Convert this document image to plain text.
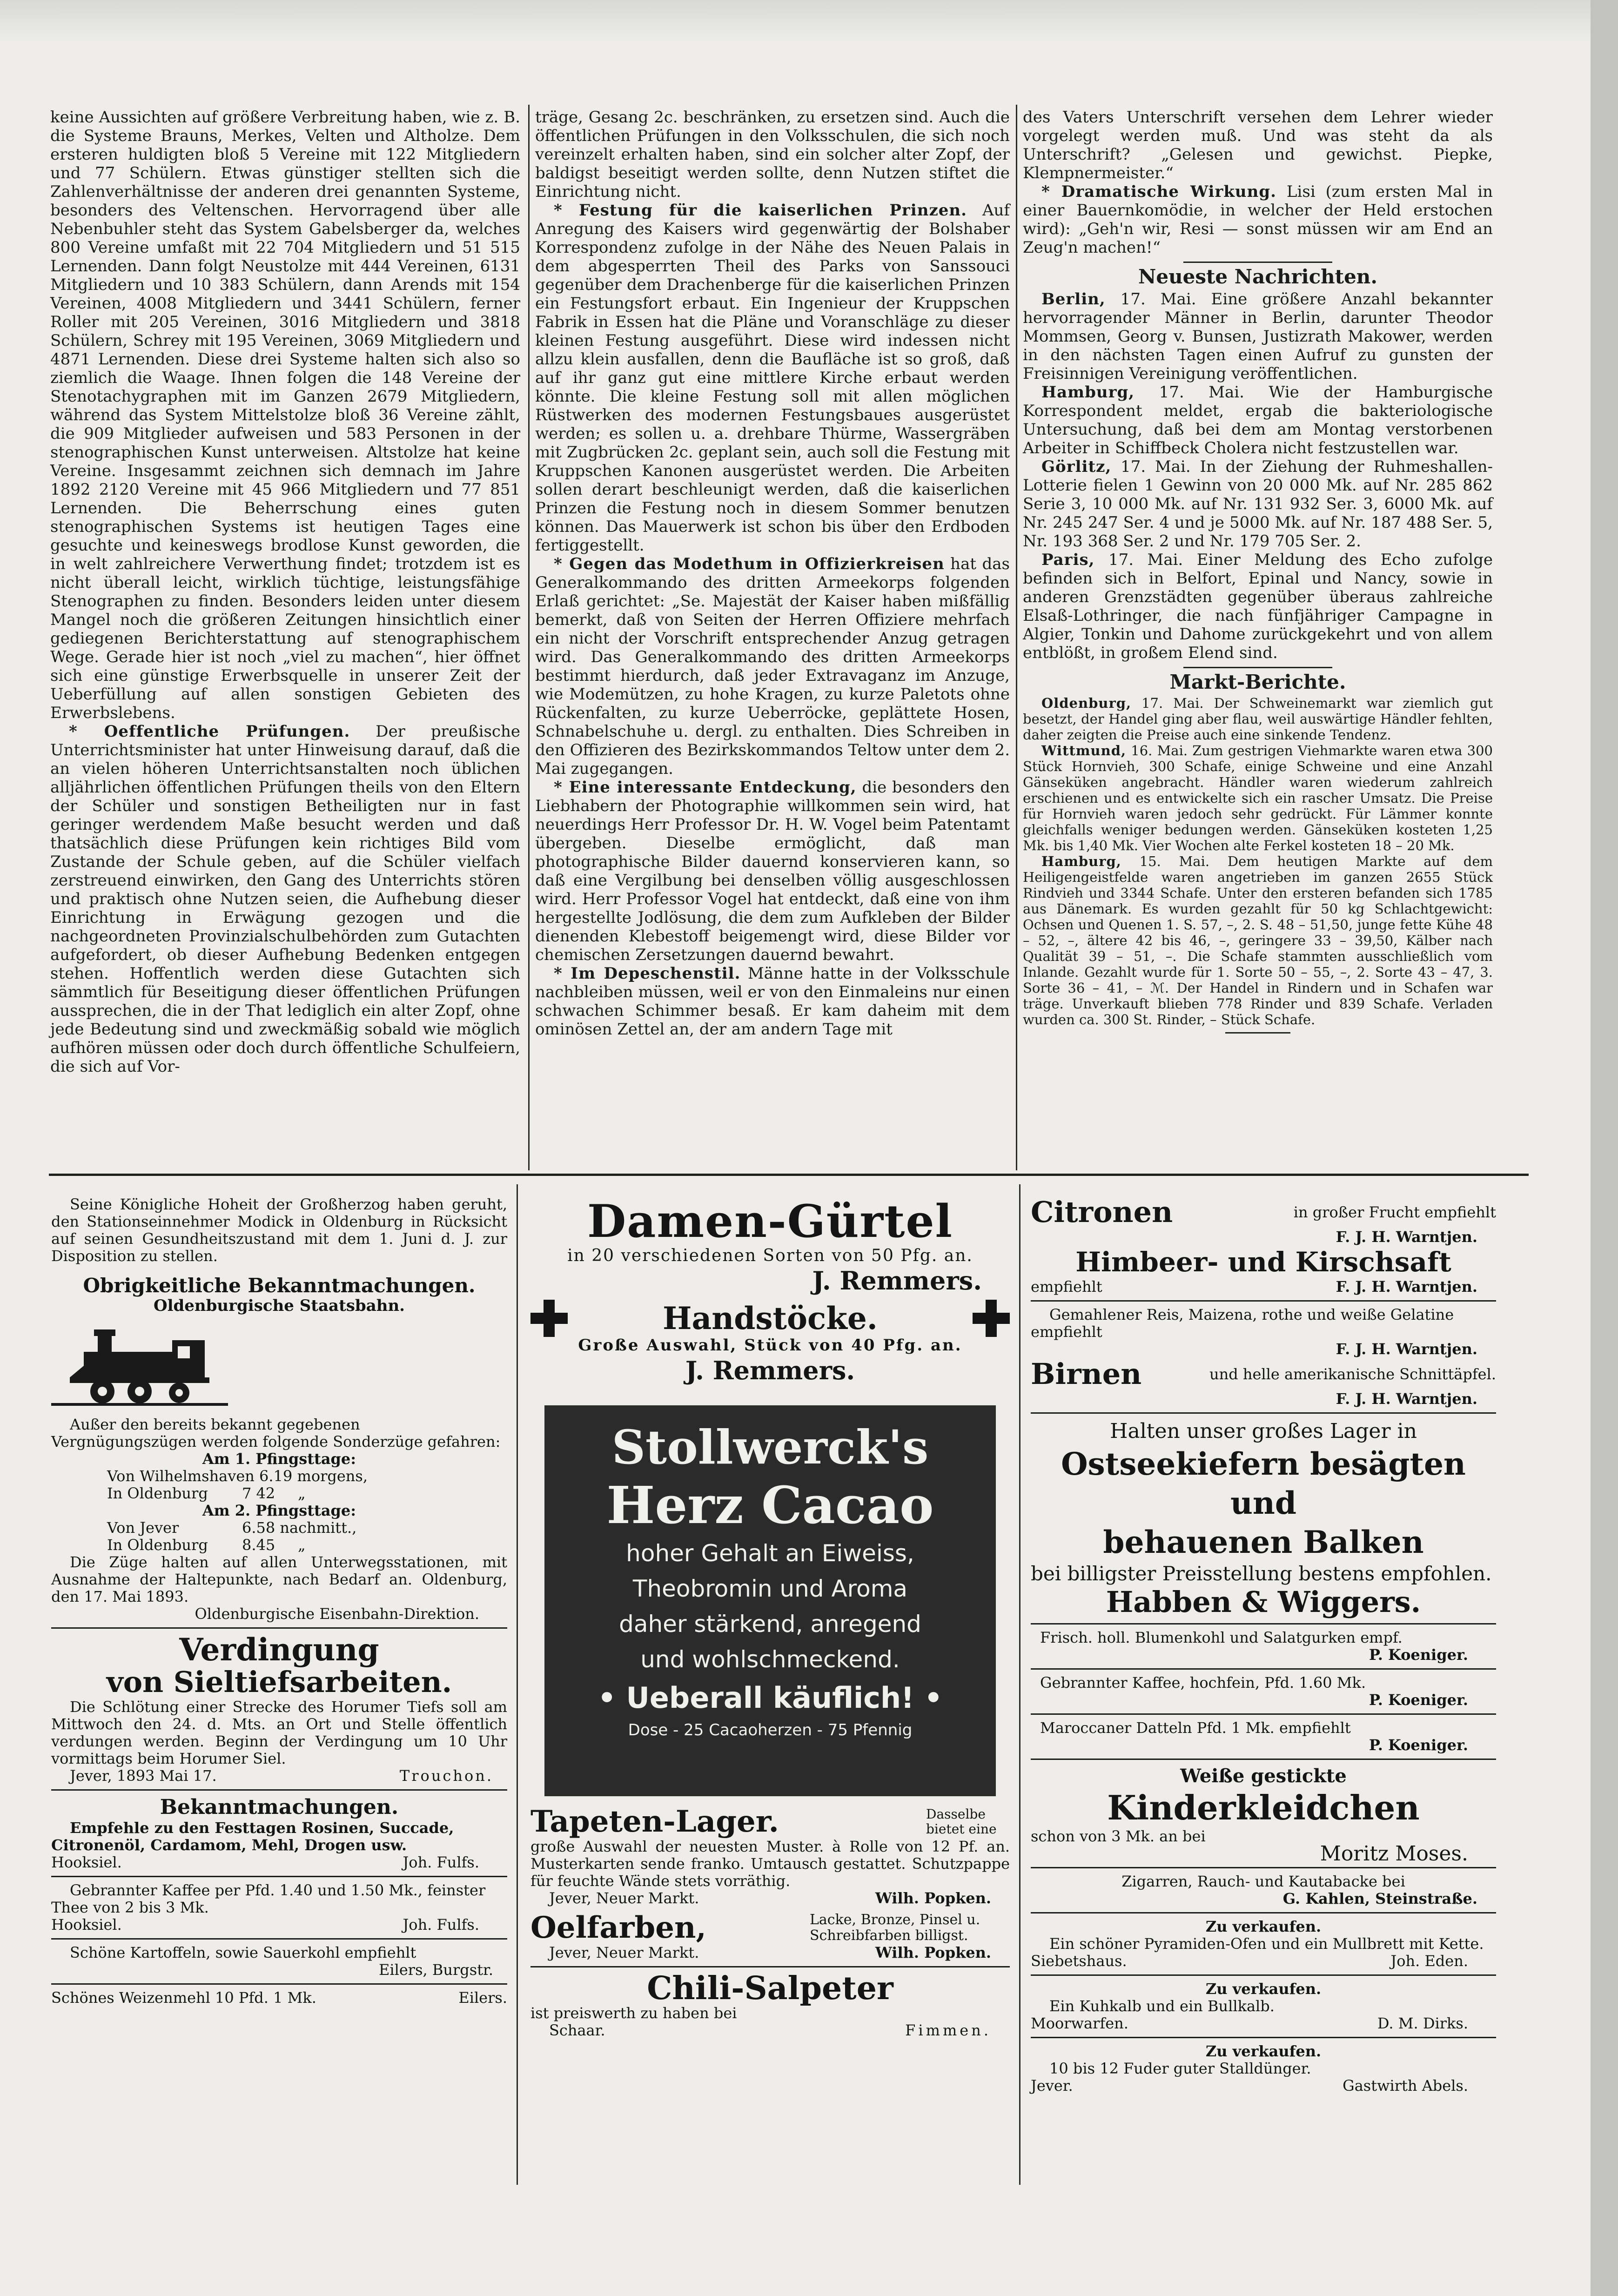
keine Aussichten auf größere Verbreitung haben, wie z. B. die Systeme Brauns, Merkes, Velten und Altholze. Dem ersteren huldigten bloß 5 Vereine mit 122 Mitgliedern und 77 Schülern. Etwas günstiger stellten sich die Zahlenverhältnisse der anderen drei genannten Systeme, besonders des Veltenschen. Hervorragend über alle Nebenbuhler steht das System Gabelsberger da, welches 800 Vereine umfaßt mit 22 704 Mitgliedern und 51 515 Lernenden. Dann folgt Neustolze mit 444 Vereinen, 6131 Mitgliedern und 10 383 Schülern, dann Arends mit 154 Vereinen, 4008 Mitgliedern und 3441 Schülern, ferner Roller mit 205 Vereinen, 3016 Mitgliedern und 3818 Schülern, Schrey mit 195 Vereinen, 3069 Mitgliedern und 4871 Lernenden. Diese drei Systeme halten sich also so ziemlich die Waage. Ihnen folgen die 148 Vereine der Stenotachygraphen mit im Ganzen 2679 Mitgliedern, während das System Mittelstolze bloß 36 Vereine zählt, die 909 Mitglieder aufweisen und 583 Personen in der stenographischen Kunst unterweisen. Altstolze hat keine Vereine. Insgesammt zeichnen sich demnach im Jahre 1892 2120 Vereine mit 45 966 Mitgliedern und 77 851 Lernenden. Die Beherrschung eines guten stenographischen Systems ist heutigen Tages eine gesuchte und keineswegs brodlose Kunst geworden, die in welt zahlreichere Verwerthung findet; trotzdem ist es nicht überall leicht, wirklich tüchtige, leistungsfähige Stenographen zu finden. Besonders leiden unter diesem Mangel noch die größeren Zeitungen hinsichtlich einer gediegenen Berichterstattung auf stenographischem Wege. Gerade hier ist noch „viel zu machen“, hier öffnet sich eine günstige Erwerbsquelle in unserer Zeit der Ueberfüllung auf allen sonstigen Gebieten des Erwerbslebens.

* Oeffentliche Prüfungen. Der preußische Unterrichtsminister hat unter Hinweisung darauf, daß die an vielen höheren Unterrichtsanstalten noch üblichen alljährlichen öffentlichen Prüfungen theils von den Eltern der Schüler und sonstigen Betheiligten nur in fast geringer werdendem Maße besucht werden und daß thatsächlich diese Prüfungen kein richtiges Bild vom Zustande der Schule geben, auf die Schüler vielfach zerstreuend einwirken, den Gang des Unterrichts stören und praktisch ohne Nutzen seien, die Aufhebung dieser Einrichtung in Erwägung gezogen und die nachgeordneten Provinzialschulbehörden zum Gutachten aufgefordert, ob dieser Aufhebung Bedenken entgegen stehen. Hoffentlich werden diese Gutachten sich sämmtlich für Beseitigung dieser öffentlichen Prüfungen aussprechen, die in der That lediglich ein alter Zopf, ohne jede Bedeutung sind und zweckmäßig sobald wie möglich aufhören müssen oder doch durch öffentliche Schulfeiern, die sich auf Vor-

träge, Gesang 2c. beschränken, zu ersetzen sind. Auch die öffentlichen Prüfungen in den Volksschulen, die sich noch vereinzelt erhalten haben, sind ein solcher alter Zopf, der baldigst beseitigt werden sollte, denn Nutzen stiftet die Einrichtung nicht.

* Festung für die kaiserlichen Prinzen. Auf Anregung des Kaisers wird gegenwärtig der Bolshaber Korrespondenz zufolge in der Nähe des Neuen Palais in dem abgesperrten Theil des Parks von Sanssouci gegenüber dem Drachenberge für die kaiserlichen Prinzen ein Festungsfort erbaut. Ein Ingenieur der Kruppschen Fabrik in Essen hat die Pläne und Voranschläge zu dieser kleinen Festung ausgeführt. Diese wird indessen nicht allzu klein ausfallen, denn die Baufläche ist so groß, daß auf ihr ganz gut eine mittlere Kirche erbaut werden könnte. Die kleine Festung soll mit allen möglichen Rüstwerken des modernen Festungsbaues ausgerüstet werden; es sollen u. a. drehbare Thürme, Wassergräben mit Zugbrücken 2c. geplant sein, auch soll die Festung mit Kruppschen Kanonen ausgerüstet werden. Die Arbeiten sollen derart beschleunigt werden, daß die kaiserlichen Prinzen die Festung noch in diesem Sommer benutzen können. Das Mauerwerk ist schon bis über den Erdboden fertiggestellt.

* Gegen das Modethum in Offizierkreisen hat das Generalkommando des dritten Armeekorps folgenden Erlaß gerichtet: „Se. Majestät der Kaiser haben mißfällig bemerkt, daß von Seiten der Herren Offiziere mehrfach ein nicht der Vorschrift entsprechender Anzug getragen wird. Das Generalkommando des dritten Armeekorps bestimmt hierdurch, daß jeder Extravaganz im Anzuge, wie Modemützen, zu hohe Kragen, zu kurze Paletots ohne Rückenfalten, zu kurze Ueberröcke, geplättete Hosen, Schnabelschuhe u. dergl. zu enthalten. Dies Schreiben in den Offizieren des Bezirkskommandos Teltow unter dem 2. Mai zugegangen.

* Eine interessante Entdeckung, die besonders den Liebhabern der Photographie willkommen sein wird, hat neuerdings Herr Professor Dr. H. W. Vogel beim Patentamt übergeben. Dieselbe ermöglicht, daß man photographische Bilder dauernd konservieren kann, so daß eine Vergilbung bei denselben völlig ausgeschlossen wird. Herr Professor Vogel hat entdeckt, daß eine von ihm hergestellte Jodlösung, die dem zum Aufkleben der Bilder dienenden Klebestoff beigemengt wird, diese Bilder vor chemischen Zersetzungen dauernd bewahrt.

* Im Depeschenstil. Männe hatte in der Volksschule nachbleiben müssen, weil er von den Einmaleins nur einen schwachen Schimmer besaß. Er kam daheim mit dem ominösen Zettel an, der am andern Tage mit

des Vaters Unterschrift versehen dem Lehrer wieder vorgelegt werden muß. Und was steht da als Unterschrift? „Gelesen und gewichst. Piepke, Klempnermeister.“

* Dramatische Wirkung. Lisi (zum ersten Mal in einer Bauernkomödie, in welcher der Held erstochen wird): „Geh'n wir, Resi — sonst müssen wir am End an Zeug'n machen!“

Neueste Nachrichten.

Berlin, 17. Mai. Eine größere Anzahl bekannter hervorragender Männer in Berlin, darunter Theodor Mommsen, Georg v. Bunsen, Justizrath Makower, werden in den nächsten Tagen einen Aufruf zu gunsten der Freisinnigen Vereinigung veröffentlichen.

Hamburg, 17. Mai. Wie der Hamburgische Korrespondent meldet, ergab die bakteriologische Untersuchung, daß bei dem am Montag verstorbenen Arbeiter in Schiffbeck Cholera nicht festzustellen war.

Görlitz, 17. Mai. In der Ziehung der Ruhmeshallen-Lotterie fielen 1 Gewinn von 20 000 Mk. auf Nr. 285 862 Serie 3, 10 000 Mk. auf Nr. 131 932 Ser. 3, 6000 Mk. auf Nr. 245 247 Ser. 4 und je 5000 Mk. auf Nr. 187 488 Ser. 5, Nr. 193 368 Ser. 2 und Nr. 179 705 Ser. 2.

Paris, 17. Mai. Einer Meldung des Echo zufolge befinden sich in Belfort, Epinal und Nancy, sowie in anderen Grenzstädten gegenüber überaus zahlreiche Elsaß-Lothringer, die nach fünfjähriger Campagne in Algier, Tonkin und Dahome zurückgekehrt und von allem entblößt, in großem Elend sind.

Markt-Berichte.

Oldenburg, 17. Mai. Der Schweinemarkt war ziemlich gut besetzt, der Handel ging aber flau, weil auswärtige Händler fehlten, daher zeigten die Preise auch eine sinkende Tendenz.

Wittmund, 16. Mai. Zum gestrigen Viehmarkte waren etwa 300 Stück Hornvieh, 300 Schafe, einige Schweine und eine Anzahl Gänseküken angebracht. Händler waren wiederum zahlreich erschienen und es entwickelte sich ein rascher Umsatz. Die Preise für Hornvieh waren jedoch sehr gedrückt. Für Lämmer konnte gleichfalls weniger bedungen werden. Gänseküken kosteten 1,25 Mk. bis 1,40 Mk. Vier Wochen alte Ferkel kosteten 18 – 20 Mk.

Hamburg, 15. Mai. Dem heutigen Markte auf dem Heiligengeistfelde waren angetrieben im ganzen 2655 Stück Rindvieh und 3344 Schafe. Unter den ersteren befanden sich 1785 aus Dänemark. Es wurden gezahlt für 50 kg Schlachtgewicht: Ochsen und Quenen 1. S. 57, –, 2. S. 48 – 51,50, junge fette Kühe 48 – 52, –, ältere 42 bis 46, –, geringere 33 – 39,50, Kälber nach Qualität 39 – 51, –. Die Schafe stammten ausschließlich vom Inlande. Gezahlt wurde für 1. Sorte 50 – 55, –, 2. Sorte 43 – 47, 3. Sorte 36 – 41, – ℳ. Der Handel in Rindern und in Schafen war träge. Unverkauft blieben 778 Rinder und 839 Schafe. Verladen wurden ca. 300 St. Rinder, – Stück Schafe.

Seine Königliche Hoheit der Großherzog haben geruht, den Stationseinnehmer Modick in Oldenburg in Rücksicht auf seinen Gesundheitszustand mit dem 1. Juni d. J. zur Disposition zu stellen.
Obrigkeitliche Bekanntmachungen.
Oldenburgische Staatsbahn.
Außer den bereits bekannt gegebenen Vergnügungszügen werden folgende Sonderzüge gefahren:
Am 1. Pfingsttage:
Von Wilhelmshaven 6.19 morgens,
In Oldenburg 7 42 „
Am 2. Pfingsttage:
Von Jever	6.58 nachmitt.,
In Oldenburg 8.45 „
Die Züge halten auf allen Unterwegsstationen, mit Ausnahme der Haltepunkte, nach Bedarf an. Oldenburg, den 17. Mai 1893.
Oldenburgische Eisenbahn-Direktion.
Verdingung
von Sieltiefsarbeiten.
Die Schlötung einer Strecke des Horumer Tiefs soll am Mittwoch den 24. d. Mts. an Ort und Stelle öffentlich verdungen werden. Beginn der Verdingung um 10 Uhr vormittags beim Horumer Siel.
Jever, 1893 Mai 17.	Trouchon.
Bekanntmachungen.
Empfehle zu den Festtagen Rosinen, Succade, Citronenöl, Cardamom, Mehl, Drogen usw.
Hooksiel.	Joh. Fulfs.
Gebrannter Kaffee per Pfd. 1.40 und 1.50 Mk., feinster Thee von 2 bis 3 Mk.
Hooksiel.	Joh. Fulfs.
Schöne Kartoffeln, sowie Sauerkohl empfiehlt
Eilers, Burgstr.
Schönes Weizenmehl 10 Pfd. 1 Mk.	Eilers.
Damen-Gürtel
in 20 verschiedenen Sorten von 50 Pfg. an.
J. Remmers.
Handstöcke.
Große Auswahl, Stück von 40 Pfg. an.
J. Remmers.
Stollwerck's
Herz Cacao
hoher Gehalt an Eiweiss,
Theobromin und Aroma
daher stärkend, anregend
und wohlschmeckend.
• Ueberall käuflich! •
Dose - 25 Cacaoherzen - 75 Pfennig
Tapeten-Lager.	Dasselbe bietet eine
große Auswahl der neuesten Muster. à Rolle von 12 Pf. an. Musterkarten sende franko. Umtausch gestattet. Schutzpappe für feuchte Wände stets vorräthig.
Jever, Neuer Markt.	Wilh. Popken.
Oelfarben,	Lacke, Bronze, Pinsel u. Schreibfarben billigst.
Jever, Neuer Markt.	Wilh. Popken.
Chili-Salpeter
ist preiswerth zu haben bei
Schaar.	Fimmen.
Citronen	in großer Frucht empfiehlt
F. J. H. Warntjen.
Himbeer- und Kirschsaft
empfiehlt	F. J. H. Warntjen.
Gemahlener Reis, Maizena, rothe und weiße Gelatine empfiehlt
F. J. H. Warntjen.
Birnen	und helle amerikanische Schnittäpfel.
F. J. H. Warntjen.
Halten unser großes Lager in
Ostseekiefern besägten und
behauenen Balken
bei billigster Preisstellung bestens empfohlen.
Habben & Wiggers.
Frisch. holl. Blumenkohl und Salatgurken empf.
P. Koeniger.
Gebrannter Kaffee, hochfein, Pfd. 1.60 Mk.
P. Koeniger.
Maroccaner Datteln Pfd. 1 Mk. empfiehlt
P. Koeniger.
Weiße gestickte
Kinderkleidchen
schon von 3 Mk. an bei
Moritz Moses.
Zigarren, Rauch- und Kautabacke bei
G. Kahlen, Steinstraße.
Zu verkaufen.
Ein schöner Pyramiden-Ofen und ein Mullbrett mit Kette.
Siebetshaus.	Joh. Eden.
Zu verkaufen.
Ein Kuhkalb und ein Bullkalb.
Moorwarfen.	D. M. Dirks.
Zu verkaufen.
10 bis 12 Fuder guter Stalldünger.
Jever.	Gastwirth Abels.
